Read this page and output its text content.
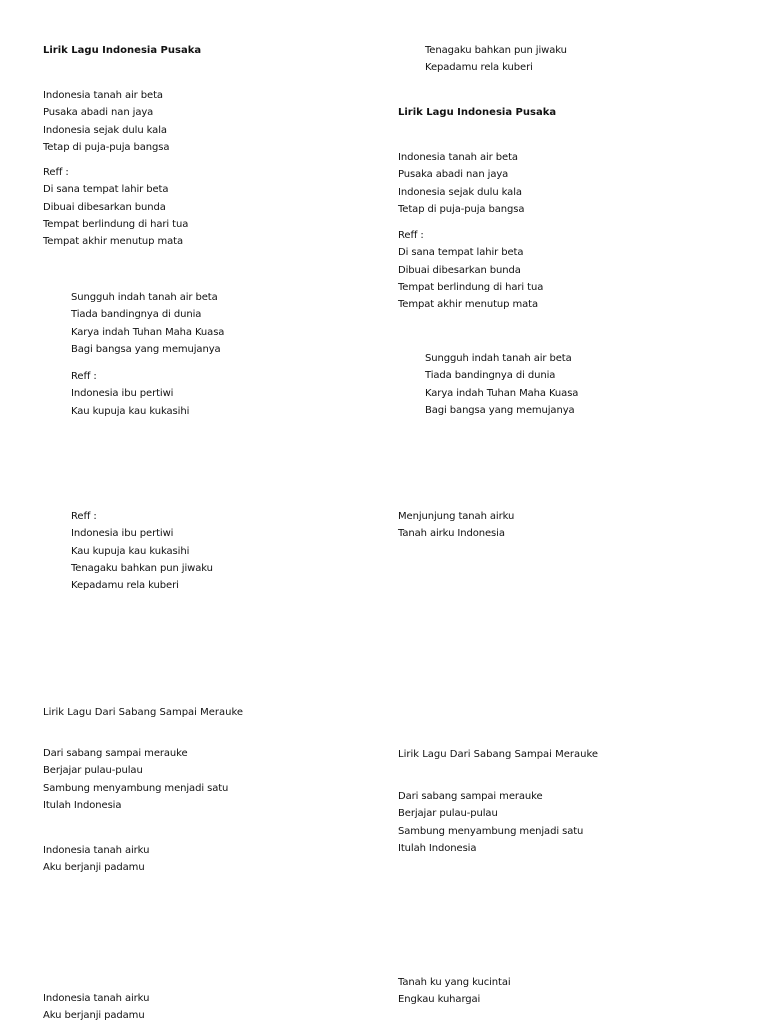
Lirik Lagu Indonesia Pusaka
Indonesia tanah air beta
Pusaka abadi nan jaya
Indonesia sejak dulu kala
Tetap di puja-puja bangsa
Reff :
Di sana tempat lahir beta
Dibuai dibesarkan bunda
Tempat berlindung di hari tua
Tempat akhir menutup mata
Sungguh indah tanah air beta
Tiada bandingnya di dunia
Karya indah Tuhan Maha Kuasa
Bagi bangsa yang memujanya
Reff :
Indonesia ibu pertiwi
Kau kupuja kau kukasihi
Reff :
Indonesia ibu pertiwi
Kau kupuja kau kukasihi
Tenagaku bahkan pun jiwaku
Kepadamu rela kuberi
Lirik Lagu Dari Sabang Sampai Merauke
Dari sabang sampai merauke
Berjajar pulau-pulau
Sambung menyambung menjadi satu
Itulah Indonesia
Indonesia tanah airku
Aku berjanji padamu
Indonesia tanah airku
Aku berjanji padamu
Tenagaku bahkan pun jiwaku
Kepadamu rela kuberi
Lirik Lagu Indonesia Pusaka
Indonesia tanah air beta
Pusaka abadi nan jaya
Indonesia sejak dulu kala
Tetap di puja-puja bangsa
Reff :
Di sana tempat lahir beta
Dibuai dibesarkan bunda
Tempat berlindung di hari tua
Tempat akhir menutup mata
Sungguh indah tanah air beta
Tiada bandingnya di dunia
Karya indah Tuhan Maha Kuasa
Bagi bangsa yang memujanya
Menjunjung tanah airku
Tanah airku Indonesia
Lirik Lagu Dari Sabang Sampai Merauke
Dari sabang sampai merauke
Berjajar pulau-pulau
Sambung menyambung menjadi satu
Itulah Indonesia
Tanah ku yang kucintai
Engkau kuhargai
